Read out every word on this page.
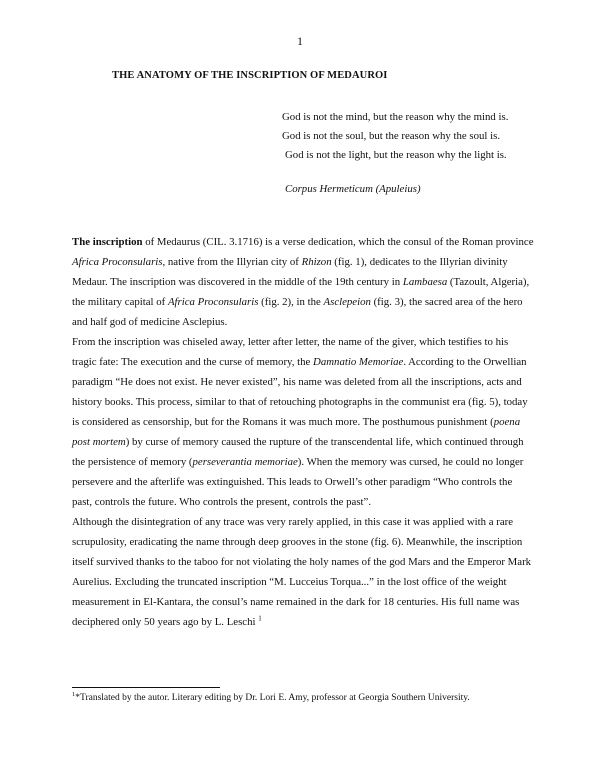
1
THE ANATOMY OF THE INSCRIPTION OF MEDAUROI
God is not the mind, but the reason why the mind is.
God is not the soul, but the reason why the soul is.
God is not the light, but the reason why the light is.
Corpus Hermeticum (Apuleius)

The inscription of Medaurus (CIL. 3.1716) is a verse dedication, which the consul of the Roman province Africa Proconsularis, native from the Illyrian city of Rhizon (fig. 1), dedicates to the Illyrian divinity Medaur. The inscription was discovered in the middle of the 19th century in Lambaesa (Tazoult, Algeria), the military capital of Africa Proconsularis (fig. 2), in the Asclepeion (fig. 3), the sacred area of the hero and half god of medicine Asclepius.

From the inscription was chiseled away, letter after letter, the name of the giver, which testifies to his tragic fate: The execution and the curse of memory, the Damnatio Memoriae. According to the Orwellian paradigm “He does not exist. He never existed”, his name was deleted from all the inscriptions, acts and history books. This process, similar to that of retouching photographs in the communist era (fig. 5), today is considered as censorship, but for the Romans it was much more. The posthumous punishment (poena post mortem) by curse of memory caused the rupture of the transcendental life, which continued through the persistence of memory (perseverantia memoriae). When the memory was cursed, he could no longer persevere and the afterlife was extinguished. This leads to Orwell’s other paradigm “Who controls the past, controls the future. Who controls the present, controls the past”.

Although the disintegration of any trace was very rarely applied, in this case it was applied with a rare scrupulosity, eradicating the name through deep grooves in the stone (fig. 6). Meanwhile, the inscription itself survived thanks to the taboo for not violating the holy names of the god Mars and the Emperor Mark Aurelius. Excluding the truncated inscription “M. Lucceius Torqua...” in the lost office of the weight measurement in El-Kantara, the consul’s name remained in the dark for 18 centuries. His full name was deciphered only 50 years ago by L. Leschi $^1$

$^1$*Translated by the autor. Literary editing by Dr. Lori E. Amy, professor at Georgia Southern University.
